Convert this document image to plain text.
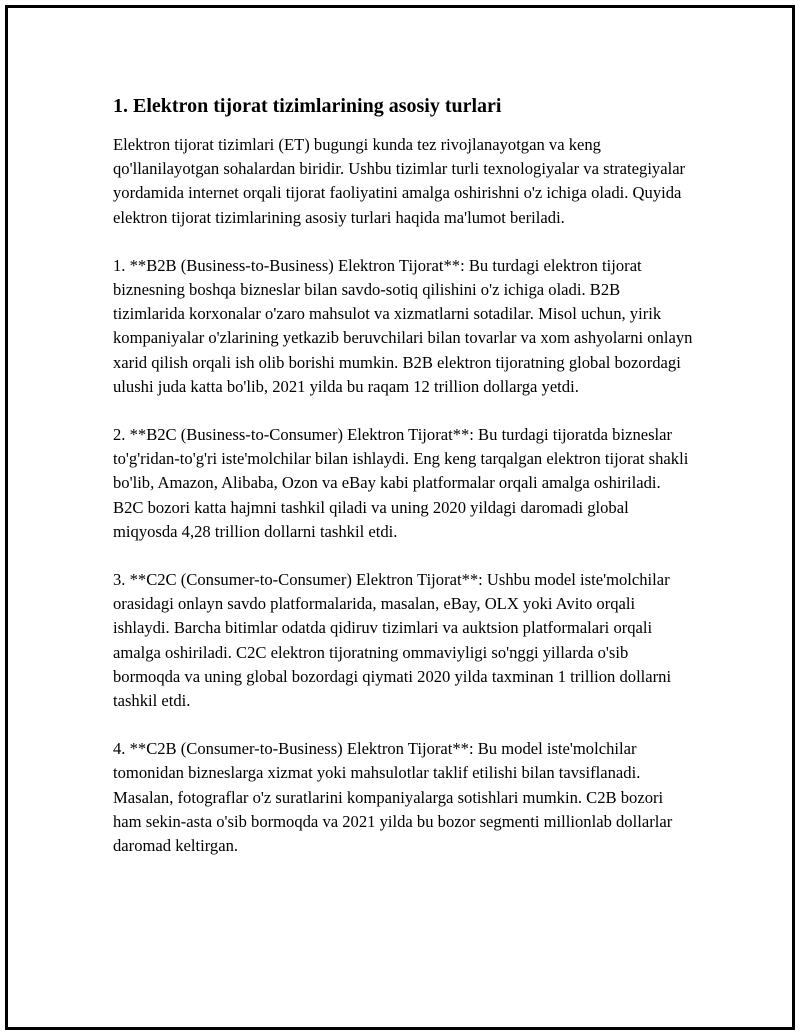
1. Elektron tijorat tizimlarining asosiy turlari

Elektron tijorat tizimlari (ET) bugungi kunda tez rivojlanayotgan va keng qo'llanilayotgan sohalardan biridir. Ushbu tizimlar turli texnologiyalar va strategiyalar yordamida internet orqali tijorat faoliyatini amalga oshirishni o'z ichiga oladi. Quyida elektron tijorat tizimlarining asosiy turlari haqida ma'lumot beriladi.

1. **B2B (Business-to-Business) Elektron Tijorat**: Bu turdagi elektron tijorat biznesning boshqa bizneslar bilan savdo-sotiq qilishini o'z ichiga oladi. B2B tizimlarida korxonalar o'zaro mahsulot va xizmatlarni sotadilar. Misol uchun, yirik kompaniyalar o'zlarining yetkazib beruvchilari bilan tovarlar va xom ashyolarni onlayn xarid qilish orqali ish olib borishi mumkin. B2B elektron tijoratning global bozordagi ulushi juda katta bo'lib, 2021 yilda bu raqam 12 trillion dollarga yetdi.

2. **B2C (Business-to-Consumer) Elektron Tijorat**: Bu turdagi tijoratda bizneslar to'g'ridan-to'g'ri iste'molchilar bilan ishlaydi. Eng keng tarqalgan elektron tijorat shakli bo'lib, Amazon, Alibaba, Ozon va eBay kabi platformalar orqali amalga oshiriladi. B2C bozori katta hajmni tashkil qiladi va uning 2020 yildagi daromadi global miqyosda 4,28 trillion dollarni tashkil etdi.

3. **C2C (Consumer-to-Consumer) Elektron Tijorat**: Ushbu model iste'molchilar orasidagi onlayn savdo platformalarida, masalan, eBay, OLX yoki Avito orqali ishlaydi. Barcha bitimlar odatda qidiruv tizimlari va auktsion platformalari orqali amalga oshiriladi. C2C elektron tijoratning ommaviyligi so'nggi yillarda o'sib bormoqda va uning global bozordagi qiymati 2020 yilda taxminan 1 trillion dollarni tashkil etdi.

4. **C2B (Consumer-to-Business) Elektron Tijorat**: Bu model iste'molchilar tomonidan bizneslarga xizmat yoki mahsulotlar taklif etilishi bilan tavsiflanadi. Masalan, fotograflar o'z suratlarini kompaniyalarga sotishlari mumkin. C2B bozori ham sekin-asta o'sib bormoqda va 2021 yilda bu bozor segmenti millionlab dollarlar daromad keltirgan.
